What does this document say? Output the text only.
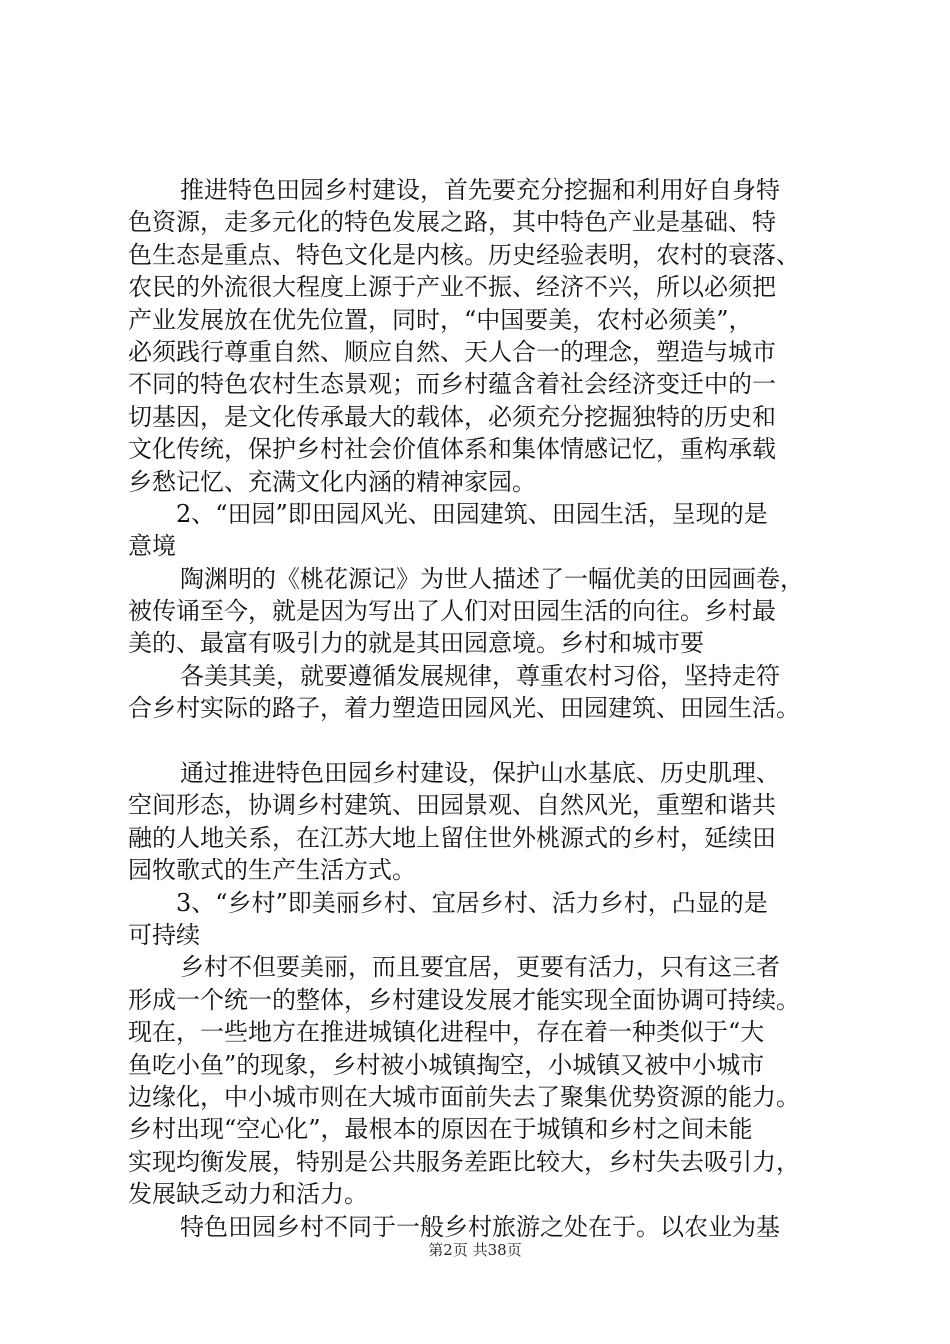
推进特色田园乡村建设，首先要充分挖掘和利用好自身特
色资源，走多元化的特色发展之路，其中特色产业是基础、特
色生态是重点、特色文化是内核。历史经验表明，农村的衰落、
农民的外流很大程度上源于产业不振、经济不兴，所以必须把
产业发展放在优先位置，同时，“中国要美，农村必须美”，
必须践行尊重自然、顺应自然、天人合一的理念，塑造与城市
不同的特色农村生态景观；而乡村蕴含着社会经济变迁中的一
切基因，是文化传承最大的载体，必须充分挖掘独特的历史和
文化传统，保护乡村社会价值体系和集体情感记忆，重构承载
乡愁记忆、充满文化内涵的精神家园。
2、“田园”即田园风光、田园建筑、田园生活，呈现的是
意境
陶渊明的《桃花源记》为世人描述了一幅优美的田园画卷，
被传诵至今，就是因为写出了人们对田园生活的向往。乡村最
美的、最富有吸引力的就是其田园意境。乡村和城市要
各美其美，就要遵循发展规律，尊重农村习俗，坚持走符
合乡村实际的路子，着力塑造田园风光、田园建筑、田园生活。
通过推进特色田园乡村建设，保护山水基底、历史肌理、
空间形态，协调乡村建筑、田园景观、自然风光，重塑和谐共
融的人地关系，在江苏大地上留住世外桃源式的乡村，延续田
园牧歌式的生产生活方式。
3、“乡村”即美丽乡村、宜居乡村、活力乡村，凸显的是
可持续
乡村不但要美丽，而且要宜居，更要有活力，只有这三者
形成一个统一的整体，乡村建设发展才能实现全面协调可持续。
现在，一些地方在推进城镇化进程中，存在着一种类似于“大
鱼吃小鱼”的现象，乡村被小城镇掏空，小城镇又被中小城市
边缘化，中小城市则在大城市面前失去了聚集优势资源的能力。
乡村出现“空心化”，最根本的原因在于城镇和乡村之间未能
实现均衡发展，特别是公共服务差距比较大，乡村失去吸引力，
发展缺乏动力和活力。
特色田园乡村不同于一般乡村旅游之处在于。以农业为基
第2页 共38页
